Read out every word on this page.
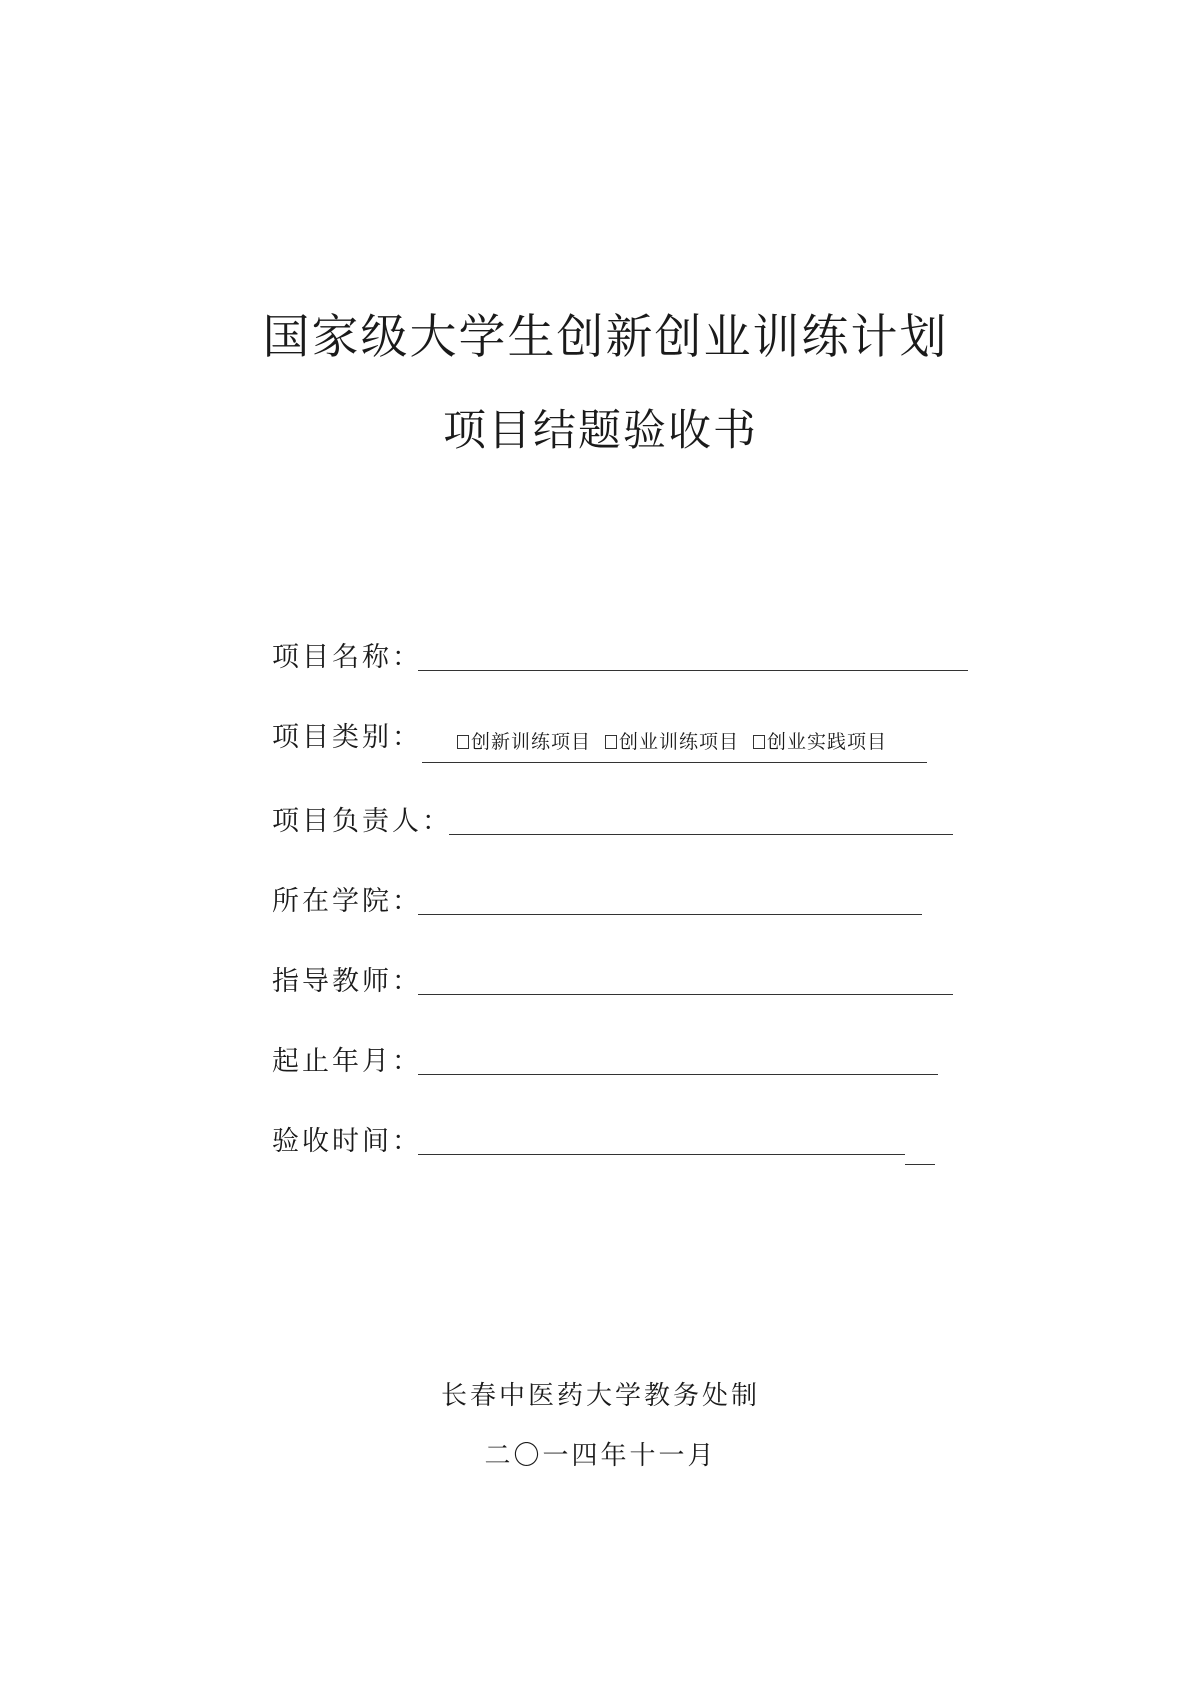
国家级大学生创新创业训练计划
项目结题验收书
项目名称：
项目类别：	创新训练项目 创业训练项目 创业实践项目
项目负责人：
所在学院：
指导教师：
起止年月：
验收时间：
长春中医药大学教务处制
二〇一四年十一月
